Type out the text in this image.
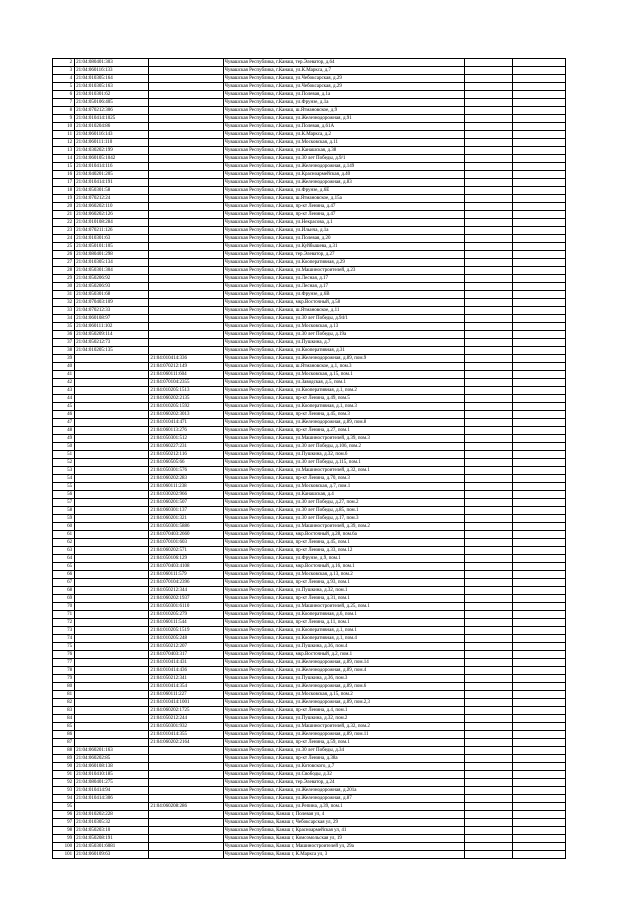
2	21:04:080401:303		Чувашская Республика, г.Канаш, тер.Элеватор, д.64		
3	21:04:060116:133		Чувашская Республика, г.Канаш, ул.К.Маркса, д.7		
4	21:04:010305:164		Чувашская Республика, г.Канаш, ул.Чебоксарская, д.29		
5	21:04:010305:163		Чувашская Республика, г.Канаш, ул.Чебоксарская, д.29		
6	21:04:010301:62		Чувашская Республика, г.Канаш, ул.Полевая, д.1а		
7	21:04:050106:405		Чувашская Республика, г.Канаш, ул.Фрунзе, д.1а		
8	21:04:070212:306		Чувашская Республика, г.Канаш, ш.Ятмановское, д.9		
9	21:04:010414:1025		Чувашская Республика, г.Канаш, ул.Железнодорожная, д.91		
10	21:04:010204:86		Чувашская Республика, г.Канаш, ул.Полевая, д.61А		
11	21:04:060116:143		Чувашская Республика, г.Канаш, ул.К.Маркса, д.2		
12	21:04:060111:110		Чувашская Республика, г.Канаш, ул.Московская, д.11		
13	21:04:030202:199		Чувашская Республика, г.Канаш, ул.Канашская, д.38		
14	21:04:060105:1042		Чувашская Республика, г.Канаш, ул.30 лет Победы, д.9/1		
15	21:04:010414:116		Чувашская Республика, г.Канаш, ул.Железнодорожная, д.149		
16	21:04:040201:205		Чувашская Республика, г.Канаш, ул.Красноармейская, д.40		
17	21:04:010414:191		Чувашская Республика, г.Канаш, ул.Железнодорожная, д.83		
18	21:04:050301:58		Чувашская Республика, г.Канаш, ул.Фрунзе, д.6Е		
19	21:04:070212:24		Чувашская Республика, г.Канаш, ш.Ятмановское, д.15а		
20	21:04:060202:110		Чувашская Республика, г.Канаш, пр-кт Ленина, д.47		
21	21:04:060202:126		Чувашская Республика, г.Канаш, пр-кт Ленина, д.47		
22	21:04:010108:284		Чувашская Республика, г.Канаш, ул.Некрасова, д.1		
23	21:04:070211:126		Чувашская Республика, г.Канаш, ул.Ильича, д.1а		
24	21:04:010301:63		Чувашская Республика, г.Канаш, ул.Полевая, д.20		
25	21:04:050101:105		Чувашская Республика, г.Канаш, ул.Куйбышева, д.31		
26	21:04:080401:298		Чувашская Республика, г.Канаш, тер.Элеватор, д.27		
27	21:04:010305:134		Чувашская Республика, г.Канаш, ул.Кооперативная, д.29		
28	21:04:050301:304		Чувашская Республика, г.Канаш, ул.Машиностроителей, д.23		
29	21:04:050206:92		Чувашская Республика, г.Канаш, ул.Лесная, д.17		
30	21:04:050206:93		Чувашская Республика, г.Канаш, ул.Лесная, д.17		
31	21:04:050301:68		Чувашская Республика, г.Канаш, ул.Фрунзе, д.6В		
32	21:04:070403:109		Чувашская Республика, г.Канаш, мкр.Восточный, д.58		
33	21:04:070212:33		Чувашская Республика, г.Канаш, ш.Ятмановское, д.11		
34	21:04:060108:97		Чувашская Республика, г.Канаш, ул.30 лет Победы, д.94/1		
35	21:04:060111:102		Чувашская Республика, г.Канаш, ул.Московская, д.13		
36	21:04:050209:114		Чувашская Республика, г.Канаш, ул.30 лет Победы, д.19а		
37	21:04:050212:73		Чувашская Республика, г.Канаш, ул.Пушкина, д.7		
38	21:04:010205:135		Чувашская Республика, г.Канаш, ул.Кооперативная, д.31		
39		21:04:010414:336	Чувашская Республика, г.Канаш, ул.Железнодорожная, д.89, пом.9		
40		21:04:070212:149	Чувашская Республика, г.Канаш, ш.Ятмановское, д.1, пом.3		
41		21:04:060111:604	Чувашская Республика, г.Канаш, ул.Московская, д.15, пом.1		
42		21:04:070104:2355	Чувашская Республика, г.Канаш, ул.Заводская, д.5, пом.1		
43		21:04:010205:1513	Чувашская Республика, г.Канаш, ул.Кооперативная, д.1, пом.2		
44		21:04:060202:2135	Чувашская Республика, г.Канаш, пр-кт Ленина, д.49, пом.5		
45		21:04:010205:1592	Чувашская Республика, г.Канаш, ул.Кооперативная, д.1, пом.3		
46		21:04:060202:3013	Чувашская Республика, г.Канаш, пр-кт Ленина, д.45, пом.3		
47		21:04:010414:471	Чувашская Республика, г.Канаш, ул.Железнодорожная, д.89, пом.8		
48		21:04:060113:276	Чувашская Республика, г.Канаш, пр-кт Ленина, д.27, пом.1		
49		21:04:050301:512	Чувашская Республика, г.Канаш, ул.Машиностроителей, д.39, пом.3		
50		21:04:060227:231	Чувашская Республика, г.Канаш, ул.30 лет Победы, д.106, пом.2		
51		21:04:050212:116	Чувашская Республика, г.Канаш, ул.Пушкина, д.32, пом.6		
52		21:04:060505:66	Чувашская Республика, г.Канаш, ул.30 лет Победы, д.115, пом.1		
53		21:04:050301:576	Чувашская Республика, г.Канаш, ул.Машиностроителей, д.32, пом.1		
54		21:04:060202:283	Чувашская Республика, г.Канаш, пр-кт Ленина, д.70, пом.3		
55		21:04:060111:238	Чувашская Республика, г.Канаш, ул.Московская, д.7, пом.1		
56		21:04:030202:966	Чувашская Республика, г.Канаш, ул.Канашская, д.4		
57		21:04:060201:507	Чувашская Республика, г.Канаш, ул.30 лет Победы, д.27, пом.2		
58		21:04:060301:137	Чувашская Республика, г.Канаш, ул.30 лет Победы, д.85, пом.1		
59		21:04:060201:321	Чувашская Республика, г.Канаш, ул.30 лет Победы, д.17, пом.3		
60		21:04:050301:5886	Чувашская Республика, г.Канаш, ул.Машиностроителей, д.39, пом.2		
61		21:04:070403:2660	Чувашская Республика, г.Канаш, мкр.Восточный, д.28, пом.6а		
62		21:04:070101:603	Чувашская Республика, г.Канаш, пр-кт Ленина, д.45, пом.1		
63		21:04:060202:571	Чувашская Республика, г.Канаш, пр-кт Ленина, д.33, пом.12		
64		21:04:050106:129	Чувашская Республика, г.Канаш, ул.Фрунзе, д.9, пом.1		
65		21:04:070403:4108	Чувашская Республика, г.Канаш, мкр.Восточный, д.16, пом.1		
66		21:04:060111:579	Чувашская Республика, г.Канаш, ул.Московская, д.13, пом.2		
67		21:04:070104:2396	Чувашская Республика, г.Канаш, пр-кт Ленина, д.93, пом.1		
68		21:04:050212:344	Чувашская Республика, г.Канаш, ул.Пушкина, д.32, пом.1		
69		21:04:060202:1937	Чувашская Республика, г.Канаш, пр-кт Ленина, д.31, пом.1		
70		21:04:050301:6110	Чувашская Республика, г.Канаш, ул.Машиностроителей, д.25, пом.1		
71		21:04:010205:279	Чувашская Республика, г.Канаш, ул.Кооперативная, д.6, пом.1		
72		21:04:060111:544	Чувашская Республика, г.Канаш, пр-кт Ленина, д.11, пом.1		
73		21:04:010205:1519	Чувашская Республика, г.Канаш, ул.Кооперативная, д.1, пом.1		
74		21:04:010205:248	Чувашская Республика, г.Канаш, ул.Кооперативная, д.1, пом.4		
75		21:04:050212:207	Чувашская Республика, г.Канаш, ул.Пушкина, д.36, пом.4		
76		21:04:070403:317	Чувашская Республика, г.Канаш, мкр.Восточный, д.2, пом.1		
77		21:04:010414:431	Чувашская Республика, г.Канаш, ул.Железнодорожная, д.89, пом.14		
78		21:04:010414:436	Чувашская Республика, г.Канаш, ул.Железнодорожная, д.89, пом.4		
79		21:04:050212:341	Чувашская Республика, г.Канаш, ул.Пушкина, д.36, пом.3		
80		21:04:010414:354	Чувашская Республика, г.Канаш, ул.Железнодорожная, д.89, пом.6		
81		21:04:060111:227	Чувашская Республика, г.Канаш, ул.Московская, д.15, пом.2		
82		21:04:010414:1001	Чувашская Республика, г.Канаш, ул.Железнодорожная, д.89, пом.2,3		
83		21:04:060202:1725	Чувашская Республика, г.Канаш, пр-кт Ленина, д.4, пом.1		
84		21:04:050212:244	Чувашская Республика, г.Канаш, ул.Пушкина, д.32, пом.2		
85		21:04:050301:932	Чувашская Республика, г.Канаш, ул.Машиностроителей, д.32, пом.2		
86		21:04:010414:355	Чувашская Республика, г.Канаш, ул.Железнодорожная, д.89, пом.11		
87		21:04:060202:2164	Чувашская Республика, г.Канаш, пр-кт Ленина, д.59, пом.1		
88	21:04:060201:163		Чувашская Республика, г.Канаш, ул.30 лет Победы, д.34		
89	21:04:060202:85		Чувашская Республика, г.Канаш, пр-кт Ленина, д.38а		
90	21:04:060108:138		Чувашская Республика, г.Канаш, ул.Котовского, д.7		
91	21:04:010410:185		Чувашская Республика, г.Канаш, ул.Свободы, д.32		
92	21:04:080401:275		Чувашская Республика, г.Канаш, тер.Элеватор, д.24		
93	21:04:010414:94		Чувашская Республика, г.Канаш, ул.Железнодорожная, д.201а		
94	21:04:010414:306		Чувашская Республика, г.Канаш, ул.Железнодорожная, д.87		
95		21:04:060208:286	Чувашская Республика, г.Канаш, ул.Репина, д.39, пом.1		
96	21:04:010202:228		Чувашская Республика, Канаш г, Полевая ул, 4		
97	21:04:010305:32		Чувашская Республика, Канаш г, Чебоксарская ул, 29		
98	21:04:050203:10		Чувашская Республика, Канаш г, Красноармейская ул, 41		
99	21:04:050208:191		Чувашская Республика, Канаш г, Комсомольская ул, 19		
100	21:04:050301:6081		Чувашская Республика, Канаш г, Машиностроителей ул, 29а		
101	21:04:060109:63		Чувашская Республика, Канаш г, К.Маркса ул, 3		
